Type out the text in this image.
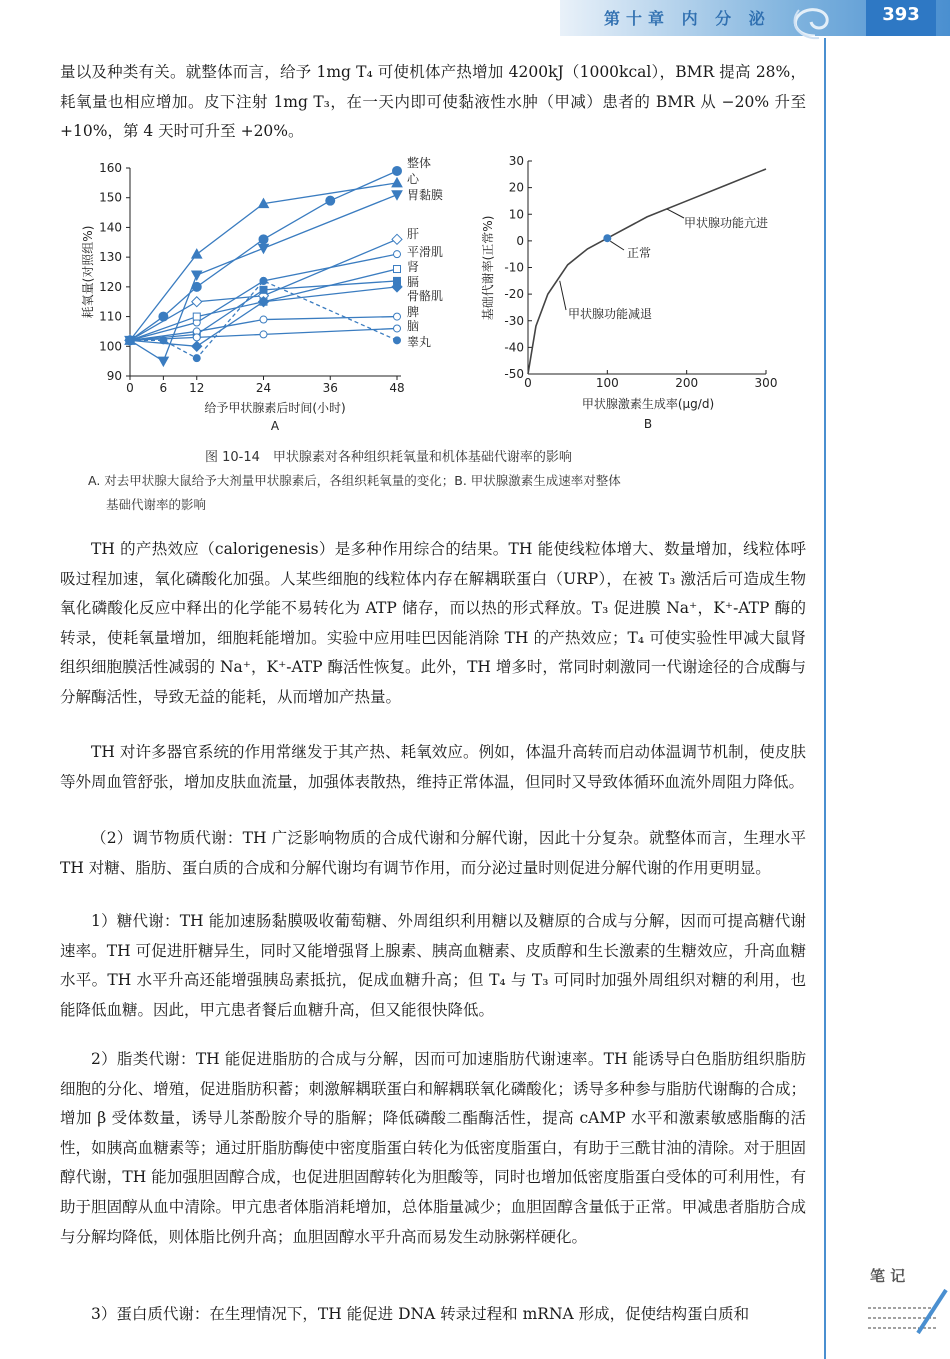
第十章 内 分 泌	393

量以及种类有关。就整体而言，给予 1mg T₄ 可使机体产热增加 4200kJ（1000kcal），BMR 提高 28%，耗氧量也相应增加。皮下注射 1mg T₃，在一天内即可使黏液性水肿（甲减）患者的 BMR 从 −20% 升至 +10%，第 4 天时可升至 +20%。

90
100
110
120
130
140
150
160
0 6 12	24	36	48
给予甲状腺素后时间(小时)
A
耗氧量(对照组%)
整体
心
胃黏膜
肝
平滑肌
肾
膈
骨骼肌
脾
脑
睾丸
-50
-40
-30
-20
-10
0
10
20
30
0	100	200	300
甲状腺激素生成率(μg/d)
B
基础代谢率(正常%)	甲状腺功能亢进
正常
甲状腺功能减退
图 10-14　甲状腺素对各种组织耗氧量和机体基础代谢率的影响
A. 对去甲状腺大鼠给予大剂量甲状腺素后，各组织耗氧量的变化；B. 甲状腺激素生成速率对整体
基础代谢率的影响

TH 的产热效应（calorigenesis）是多种作用综合的结果。TH 能使线粒体增大、数量增加，线粒体呼吸过程加速，氧化磷酸化加强。人某些细胞的线粒体内存在解耦联蛋白（URP），在被 T₃ 激活后可造成生物氧化磷酸化反应中释出的化学能不易转化为 ATP 储存，而以热的形式释放。T₃ 促进膜 Na⁺，K⁺-ATP 酶的转录，使耗氧量增加，细胞耗能增加。实验中应用哇巴因能消除 TH 的产热效应；T₄ 可使实验性甲减大鼠肾组织细胞膜活性减弱的 Na⁺，K⁺-ATP 酶活性恢复。此外，TH 增多时，常同时刺激同一代谢途径的合成酶与分解酶活性，导致无益的能耗，从而增加产热量。

TH 对许多器官系统的作用常继发于其产热、耗氧效应。例如，体温升高转而启动体温调节机制，使皮肤等外周血管舒张，增加皮肤血流量，加强体表散热，维持正常体温，但同时又导致体循环血流外周阻力降低。

（2）调节物质代谢：TH 广泛影响物质的合成代谢和分解代谢，因此十分复杂。就整体而言，生理水平 TH 对糖、脂肪、蛋白质的合成和分解代谢均有调节作用，而分泌过量时则促进分解代谢的作用更明显。

1）糖代谢：TH 能加速肠黏膜吸收葡萄糖、外周组织利用糖以及糖原的合成与分解，因而可提高糖代谢速率。TH 可促进肝糖异生，同时又能增强肾上腺素、胰高血糖素、皮质醇和生长激素的生糖效应，升高血糖水平。TH 水平升高还能增强胰岛素抵抗，促成血糖升高；但 T₄ 与 T₃ 可同时加强外周组织对糖的利用，也能降低血糖。因此，甲亢患者餐后血糖升高，但又能很快降低。

2）脂类代谢：TH 能促进脂肪的合成与分解，因而可加速脂肪代谢速率。TH 能诱导白色脂肪组织脂肪细胞的分化、增殖，促进脂肪积蓄；刺激解耦联蛋白和解耦联氧化磷酸化；诱导多种参与脂肪代谢酶的合成；增加 β 受体数量，诱导儿茶酚胺介导的脂解；降低磷酸二酯酶活性，提高 cAMP 水平和激素敏感脂酶的活性，如胰高血糖素等；通过肝脂肪酶使中密度脂蛋白转化为低密度脂蛋白，有助于三酰甘油的清除。对于胆固醇代谢，TH 能加强胆固醇合成，也促进胆固醇转化为胆酸等，同时也增加低密度脂蛋白受体的可利用性，有助于胆固醇从血中清除。甲亢患者体脂消耗增加，总体脂量减少；血胆固醇含量低于正常。甲减患者脂肪合成与分解均降低，则体脂比例升高；血胆固醇水平升高而易发生动脉粥样硬化。

3）蛋白质代谢：在生理情况下，TH 能促进 DNA 转录过程和 mRNA 形成，促使结构蛋白质和

笔 记
